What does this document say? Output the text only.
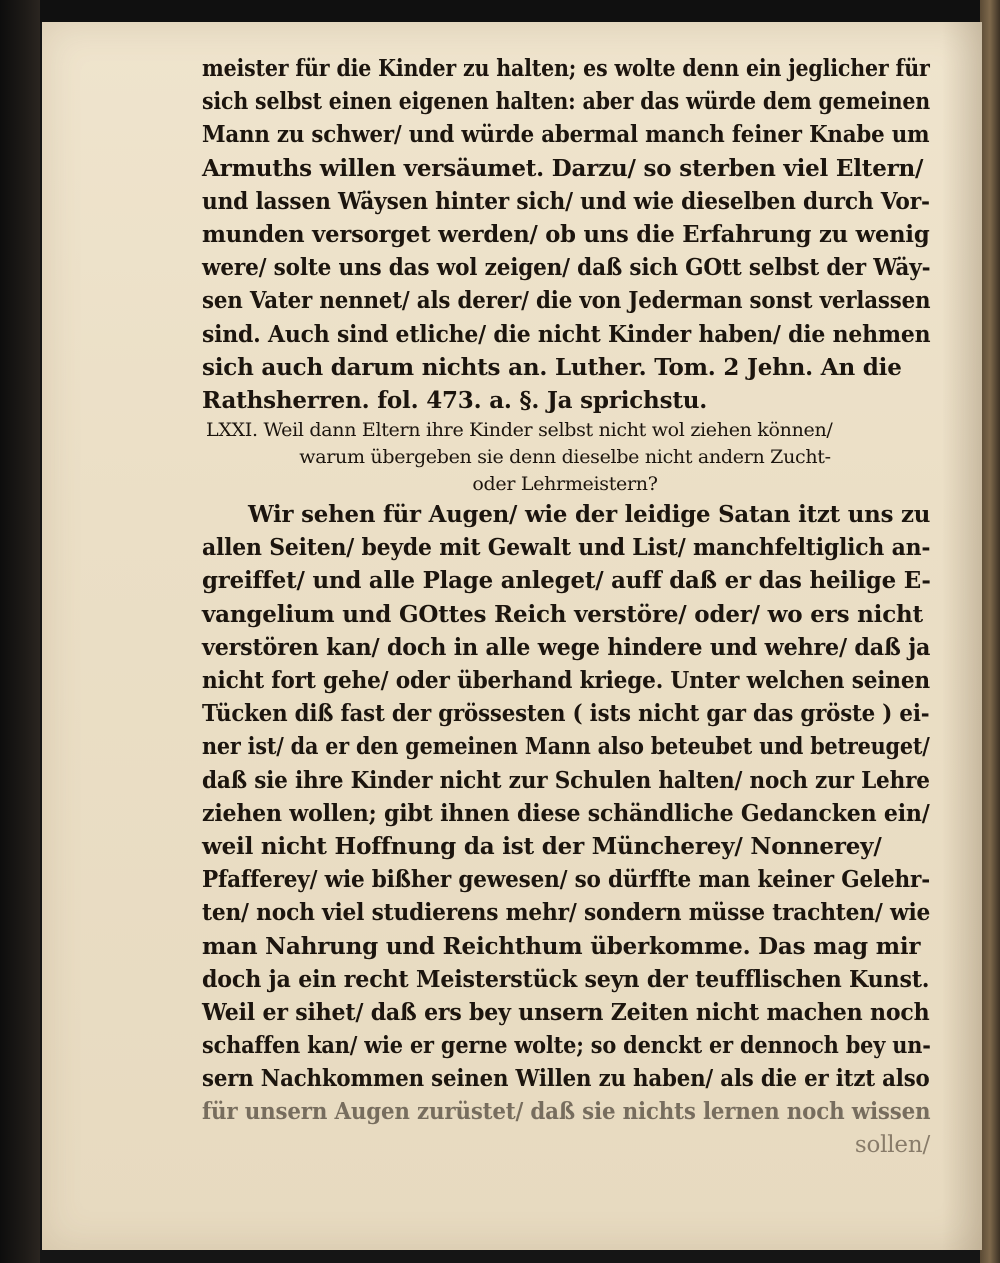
meister für die Kinder zu halten; es wolte denn ein jeglicher für
sich selbst einen eigenen halten: aber das würde dem gemeinen
Mann zu schwer/ und würde abermal manch feiner Knabe um
Armuths willen versäumet. Darzu/ so sterben viel Eltern/
und lassen Wäysen hinter sich/ und wie dieselben durch Vor-
munden versorget werden/ ob uns die Erfahrung zu wenig
were/ solte uns das wol zeigen/ daß sich GOtt selbst der Wäy-
sen Vater nennet/ als derer/ die von Jederman sonst verlassen
sind. Auch sind etliche/ die nicht Kinder haben/ die nehmen
sich auch darum nichts an. Luther. Tom. 2 Jehn. An die
Rathsherren. fol. 473. a. §. Ja sprichstu.
LXXI. Weil dann Eltern ihre Kinder selbst nicht wol ziehen können/
warum übergeben sie denn dieselbe nicht andern Zucht-
oder Lehrmeistern?
Wir sehen für Augen/ wie der leidige Satan itzt uns zu
allen Seiten/ beyde mit Gewalt und List/ manchfeltiglich an-
greiffet/ und alle Plage anleget/ auff daß er das heilige E-
vangelium und GOttes Reich verstöre/ oder/ wo ers nicht
verstören kan/ doch in alle wege hindere und wehre/ daß ja
nicht fort gehe/ oder überhand kriege. Unter welchen seinen
Tücken diß fast der grössesten ( ists nicht gar das gröste ) ei-
ner ist/ da er den gemeinen Mann also beteubet und betreuget/
daß sie ihre Kinder nicht zur Schulen halten/ noch zur Lehre
ziehen wollen; gibt ihnen diese schändliche Gedancken ein/
weil nicht Hoffnung da ist der Müncherey/ Nonnerey/
Pfafferey/ wie bißher gewesen/ so dürffte man keiner Gelehr-
ten/ noch viel studierens mehr/ sondern müsse trachten/ wie
man Nahrung und Reichthum überkomme. Das mag mir
doch ja ein recht Meisterstück seyn der teufflischen Kunst.
Weil er sihet/ daß ers bey unsern Zeiten nicht machen noch
schaffen kan/ wie er gerne wolte; so denckt er dennoch bey un-
sern Nachkommen seinen Willen zu haben/ als die er itzt also
für unsern Augen zurüstet/ daß sie nichts lernen noch wissen
sollen/
